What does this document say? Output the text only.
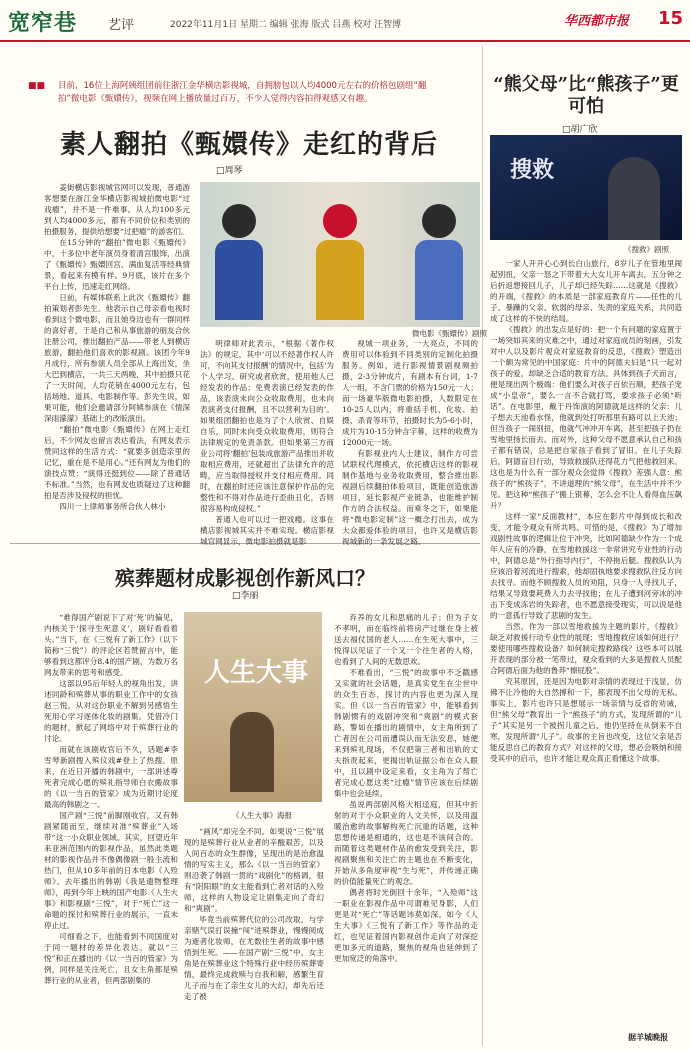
宽窄巷 艺评	2022年11月1日 星期二 编辑 张海 版式 吕燕 校对 汪智博	华西都市报 15
■■ 目前，16位上海阿姨组团前往浙江金华横店影视城，自拥膀包以人均4000元左右的价格包剧组“翻拍”微电影《甄嬛传》，视频在网上播放量过百万，不少人觉得内容拍得观感又有趣。
素人翻拍《甄嬛传》走红的背后
□周琴

姜街横店影视城官网可以发现，普通游客想要在浙江金华横店影视城拍微电影“过戏瘾”，并不是一件难事。从人均100多元到人均4000多元，都有不同价位和类别的拍摄服务，提供给想要“过把瘾”的游客们。

在15分钟的“翻拍”微电影《甄嬛传》中，十多位中老年演员身着清宫服饰，出演了《甄嬛传》甄嬛回宫、满血复活等经典情景，看起来有模有样。9月底，该片在多个平台上传，迅速走红网络。

日前，有媒体联系上此次《甄嬛传》翻拍策划者彭先生。他表示自己母亲看电视时看到这个微电影，而且她身边也有一群同样的喜好者，于是自己和从事旅游的朋友合伙注册公司，推出翻拍产品——带老人到横店旅游，翻拍他们喜欢的影视剧。该团今年9月成行，所有参演人员全部从上海出发，坐大巴到横店，一共三天两晚，其中拍摄只花了一天时间，人均花销在4000元左右，包括场地、道具、电影制作等。彭先生说，如果可能，他们会邀请部分阿姨参演在《情深深雨濛濛》基础上的改版演出。

“翻拍”微电影《甄嬛传》在网上走红后，不少网友也留言表达看法，有网友表示赞同这样的生活方式：“就要多创造亲里的记忆，重在是不是用心。”还有网友为他们的演技点赞：“演得还挺到位——除了普通话不标准。”当然，也有网友也质疑过了这种翻拍是否涉及侵权的担忧。

四川一上律师事务所合伙人林小

微电影《甄嬛传》剧照

明律师对此表示，“根据《著作权法》的规定，其中‘可以不经著作权人许可，不向其支付报酬’的情况中，包括‘为个人学习、研究或者欣赏，使用他人已经发表的作品；免费表演已经发表的作品，该表演未向公众收取费用，也未向表演者支付报酬，且不以营利为目的’。如果组团翻拍也是为了个人欣赏、自娱自乐，同时未向受众收取费用，则符合法律规定的免责条款。但如果第三方商业公司将‘翻拍’包装成旅游产品推出并收取相应费用，还就超出了法律允许的范畴，应当取得授权并支付相应费用。同时，在翻拍时还应该注意保护作品的完整性和不得对作品进行歪曲丑化，否则很容易构成侵权。”

普通人也可以过一把戏瘾。这事在横店影视城其实并不难实现。横店影视城官网显示，微电影拍摄就是影

视城一项业务，一大亮点，不同的费用可以体验到不同类别的定制化拍摄服务。例如，进行影视情景剧视频拍摄，2-3分钟成片，有剧本有台词，1-7人一组，不含门票的价格为150元一人；而一场豪华版微电影拍摄，人数限定在10-25人以内，将重括手机、化妆、拍摄、杀青等环节，拍摄时长为5-6小时，成片为10-15分钟含字幕，这样的收费为12000元一场。

有影视业内人士建议，制作方可尝试联权代理模式，依托横店这样的影视制作基地与业务收取费用，整合推出影视剧后续翻拍体验项目，既能创造旅游项目，延长影视产业链条，也能维护制作方的合法权益。而乘冬之下，如果能将“微电影定制”这一概念打出去，成为大众都爱体验的项目，也许又是横店影视城新的一条发展之路。

殡葬题材成影视创作新风口？
□李丽

“难得国产剧说下了对‘死’的偏见，内核关于‘探寻生死意义’，剧好看看着头。”当下，在《三悦有了新工作》（以下简称“三悦”）的评论区若赞留言中，能够看到这都评分8.4的国产剧，为数万名网友带来的思考和感受。

这部以95后年轻人的视角出发，讲述同龄和殡葬从事的职业工作中的女孩赵三悦，从对这份职业不解到另感悟生死用心学习逐体化妆的剧集。凭借冷门的题材，掀起了网络中对于殡葬行业的讨论。

而就在该剧收官后不久，话题#李雪琴新剧搜入殡仪戏#登上了热搜。原来，在近日开播的韩剧中，一部讲述尊死者完成心愿的殡礼指导师白衣搬故事的《以一当百的管家》成为近期讨论度最高的韩剧之一。

国产剧“三悦”前脚刚收官，又有韩剧紧随而至，继续对准“殡葬业”入场带“这一小众职业领域。其实，回望近年来亚洲范围内的影视作品，虽然此类题材的影视作品并不像偶像剧一般主流和热门，但从10多年前的日本电影《入殓师》、去年播出的韩剧《我是遗物整理师》，再到今年上映的国产电影《人生大事》和影视剧“三悦”，对于“死亡”这一命题的探讨和殡葬行业的展示，一直未停止过。

可细看之下，也能看到不同国度对于同一题材的差异化表达。就以“三悦”和正在播出的《以一当百的管家》为例，同样是关注死亡，且女主角都是殡葬行业的从业者，但两部剧集的

人生大事
《人生大事》海报

“画风”却完全不同。如果说“三悦”展现的是殡葬行业从业者的辛酸艰苦，以及人间百态的众生群像，呈现出的是治愈温情的写实主义，那么《以一当百的管家》则沿袭了韩剧一贯的“戏剧化”的格调，很有“阴阳眼”的女主能看到亡者对话的入殓师，这样的人物设定让剧集走向了奇幻和“爽剧”。

毕竟当前殡葬代位的公司改取，与学亲赌气误打误撞“闯”进殡葬业，慢慢阅成为逝者化妆师，在尤数往生者的故事中感悟到生死。——在国产剧“三悦”中，女主角是在殡葬业这个特殊行业中经历殡葬寄情，最终完成救赎与自我和解，感繁生育儿子而与在了亲生女儿的大幻，却先后还走了被

弃养的女儿和思痛的儿子；但为子女不孝明，而在临终前将房产过继在身上被送去福仗国的老人……在生死大事中，三悦得以见证了一个又一个往生者的人格，也看到了人间的无数思欢。

不难看出，“三悦”的故事中不乏戳感又实就的社会话题，是真实党生在尘世中的众生百态，探讨的内容也更为深入现实。但《以一当百的管家》中，能够看到韩剧惯有的戏剧冲突和“爽剧”的模式套路，警如在播出的剧情中，女主角所到了亡者因在公司而遭误认而无法安息，她便来到殡礼现场，不仅把第三者和出轨的丈夫指责起来，更揭出轨证据公布在众人眼中，且以剧中设定来看，女主角为了帮亡者完成心愿这类“过瘾”情节应该在后续剧集中也会延续。

虽说两部剧风格大相迳庭，但其中折射的对于小众职业的人文关怀，以及用温暖治愈的故事解构死亡沉重的话题，这种思想传递是相通的，这也是不该间合的。而随着这类题材作品的愈发受到关注，影视剧聚焦和关注亡的主题也在不断变化，开始从多角度审视“生与死”，并传递正确的价值能量死亡的观念。

偶者将时光倒回十余年，“入殓师”这一职业在影视作品中可谓难见身影，人们更是对“死亡”等话题讳莫如深。如今《人生大事》《三悦有了新工作》等作品的走红，也见证着国内影视创作走向了对深挖更加多元的道路，聚焦的视角也延伸到了更加宽泛的角落中。

“熊父母”比“熊孩子”更可怕
□胡广欣
搜救
《搜救》剧照

一家人开开心心到长白山旅行，8岁儿子在管地里闹起别扭，父亲一怒之下带着大大女儿开车离去，五分钟之后折返想接回儿子，儿子却已经失踪……这就是《搜救》的开端，《搜救》的本质是一部家庭教育片——任性的儿子、暴躁的父亲、软弱的母亲、失责的家庭关系，共同造成了这样的不快的结局。

《搜救》的出发点是好的：把一个有问题的家庭置于一场突如其来的灾难之中，通过对家庭成员的刻画，引发对中人以及影片观众对家庭教育的反思，《搜救》塑造出一个颇为常见的中国家庭：片中的阿德夫妇是“只一起对孩子的爱，却缺乏合适的教育方法。具体到孩子犬而言，便是现出两个极端：他们要么对孩子百依百顺，把孩子宠成“小皇帝”，要么一言不合就打骂，要求孩子必须“听话”。在电影里，戴于丹饰演的阿德就是这样的父亲：儿子想去天池看水怪，他就到处打听那里有路可以上天池；但当孩子一闹别扭，他就气冲冲开车离，甚至把孩子扔在雪地里扬长而去。而对外，这种父母不愿意承认自己和孩子都有错误，总是把自家孩子看到了冒旧。在儿子失踪后，阿德盲目行动，导致救援队还得花力气把他救回来。这也是为什么有一部分观众会觉得《搜救》差强人意：熊孩子的“熊孩子”，不讲道理的“熊父母”，在生活中并不少见。把这种“熊孩子”搬上银幕，怎么会不让人看得血压飙升？

这样一家“反面教材”，本应在影片中得到成长和改变，才能令观众有所共鸣。可惜的是，《搜救》为了增加戏剧性故事的逻辑让位于冲突，比如阿德缺少作为一个成年人应有的冷静，在雪地救援这一非常讲究专业性的行动中，阿德总是“外行指导内行”，不停拖后腿。搜救队认为应该沿着河流进行搜索，他却固执地要求搜救队往反方向去找寻。而他不顾搜救人员的劝阻，只身一人寻找儿子，结果又导致要耗费人力去寻找他；在儿子遭到河旁冰的冲击下变成冻岩的失踪者，也不愿意接受现实，可以说是他的一意孤行导致了悲剧的发生。

当然，作为一部以雪地救援为主题的影片，《搜救》缺乏对救援行动专业性的展现；雪地搜救应该如何进行？要使用哪些搜救设备？如何制定搜救路线？这些本可以展开表现的部分被一笔带过，观众看到的大多是搜救人员配合阿德后面为他的鲁莽“擦屁股”。

究其原因，还是因为电影对亲情的表现过于浅显，仿佛不让冷他的大自然搏和一下，都表现不出父母的无私。事实上，影片也许只是想展示一场亲情与反省的劝诫，但“熊父母”教育出一个“熊孩子”的方式，发现所谓的“儿子”其实是另一个被拐儿童之后，他仍坚持在从倒来不自寒，发现所谓“儿子”。故事的主旨也改变，这位父亲是否能反思自己的教育方式？对这样的父母，想必会吸纳和接受其中的启示，也许才能让观众真正看懂这个故事。

据羊城晚报
